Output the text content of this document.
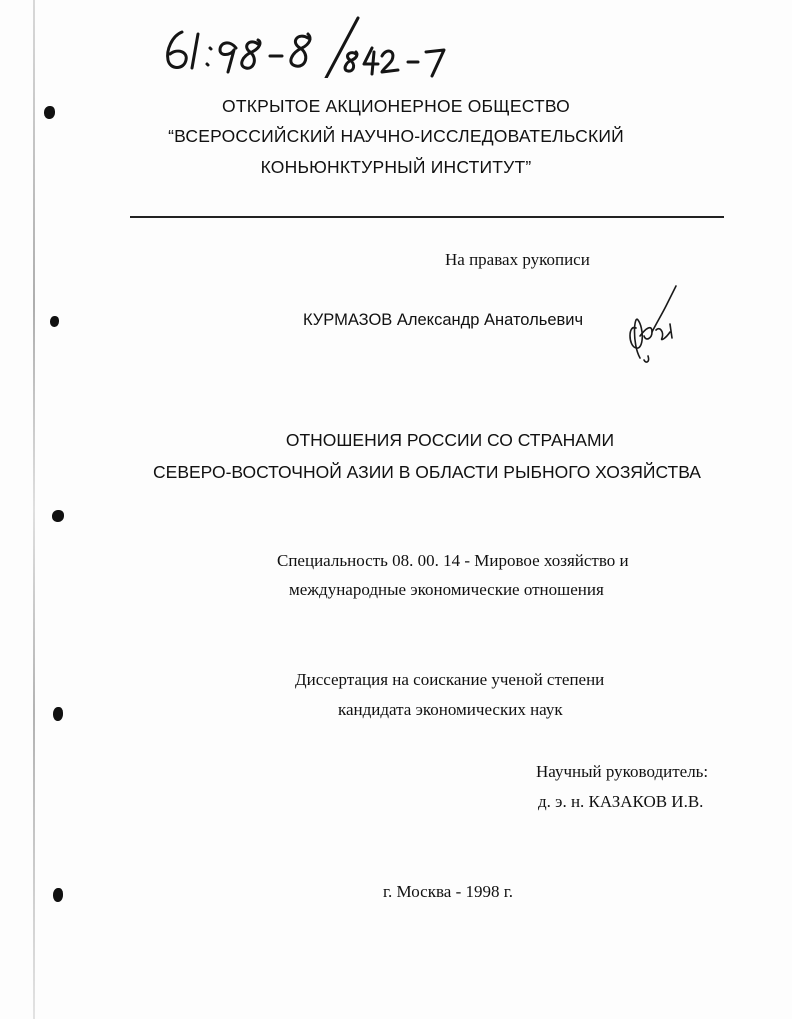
ОТКРЫТОЕ АКЦИОНЕРНОЕ ОБЩЕСТВО
“ВСЕРОССИЙСКИЙ НАУЧНО-ИССЛЕДОВАТЕЛЬСКИЙ
КОНЬЮНКТУРНЫЙ ИНСТИТУТ”
На правах рукописи
КУРМАЗОВ Александр Анатольевич
ОТНОШЕНИЯ РОССИИ СО СТРАНАМИ
СЕВЕРО-ВОСТОЧНОЙ АЗИИ В ОБЛАСТИ РЫБНОГО ХОЗЯЙСТВА
Специальность 08. 00. 14 - Мировое хозяйство и
международные экономические отношения
Диссертация на соискание ученой степени
кандидата экономических наук
Научный руководитель:
д. э. н. КАЗАКОВ И.В.
г. Москва - 1998 г.
